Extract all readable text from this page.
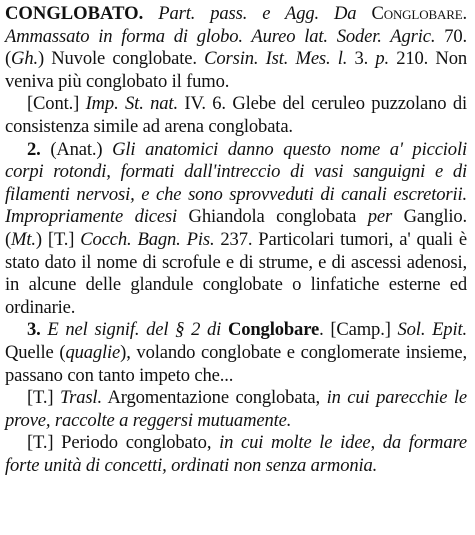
CONGLOBATO. Part. pass. e Agg. Da Conglobare. Ammassato in forma di globo. Aureo lat. Soder. Agric. 70. (Gh.) Nuvole conglobate. Corsin. Ist. Mes. l. 3. p. 210. Non veniva più conglobato il fumo.

[Cont.] Imp. St. nat. IV. 6. Glebe del ceruleo puzzolano di consistenza simile ad arena conglobata.

2. (Anat.) Gli anatomici danno questo nome a' piccioli corpi rotondi, formati dall'intreccio di vasi sanguigni e di filamenti nervosi, e che sono sprovveduti di canali escretorii. Impropriamente dicesi Ghiandola conglobata per Ganglio. (Mt.) [T.] Cocch. Bagn. Pis. 237. Particolari tumori, a' quali è stato dato il nome di scrofule e di strume, e di ascessi adenosi, in alcune delle glandule conglobate o linfatiche esterne ed ordinarie.

3. E nel signif. del § 2 di Conglobare. [Camp.] Sol. Epit. Quelle (quaglie), volando conglobate e conglomerate insieme, passano con tanto impeto che...

[T.] Trasl. Argomentazione conglobata, in cui parecchie le prove, raccolte a reggersi mutuamente.

[T.] Periodo conglobato, in cui molte le idee, da formare forte unità di concetti, ordinati non senza armonia.
